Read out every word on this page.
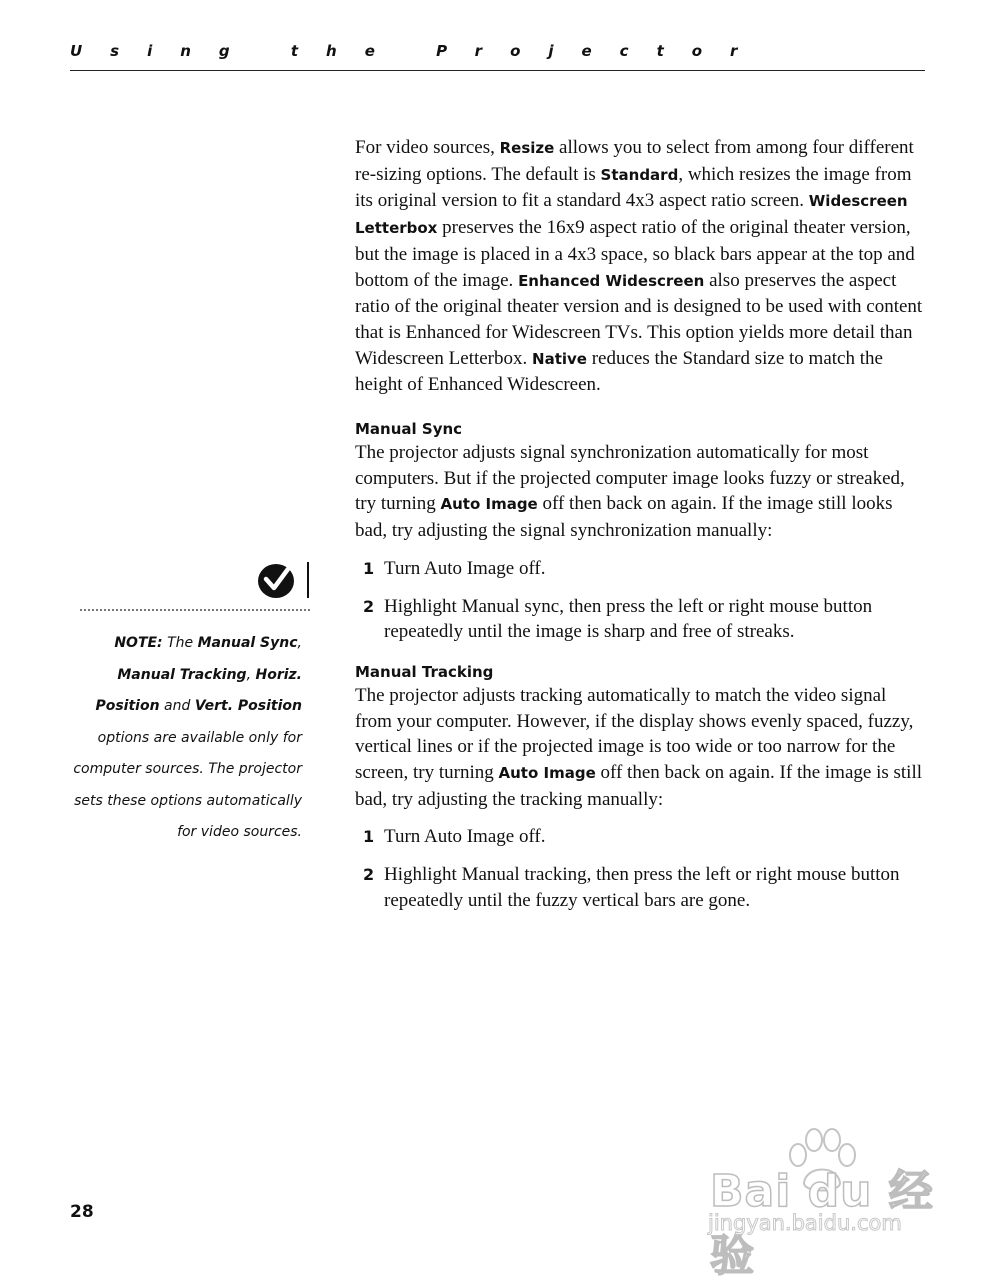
Using the Projector

For video sources, Resize allows you to select from among four different re-sizing options. The default is Standard, which resizes the image from its original version to fit a standard 4x3 aspect ratio screen. Widescreen Letterbox preserves the 16x9 aspect ratio of the original theater version, but the image is placed in a 4x3 space, so black bars appear at the top and bottom of the image. Enhanced Widescreen also preserves the aspect ratio of the original theater version and is designed to be used with content that is Enhanced for Widescreen TVs. This option yields more detail than Widescreen Letterbox. Native reduces the Standard size to match the height of Enhanced Widescreen.

Manual Sync

The projector adjusts signal synchronization automatically for most computers. But if the projected computer image looks fuzzy or streaked, try turning Auto Image off then back on again. If the image still looks bad, try adjusting the signal synchronization manually:

1 Turn Auto Image off.
2 Highlight Manual sync, then press the left or right mouse button repeatedly until the image is sharp and free of streaks.
Manual Tracking

The projector adjusts tracking automatically to match the video signal from your computer. However, if the display shows evenly spaced, fuzzy, vertical lines or if the projected image is too wide or too narrow for the screen, try turning Auto Image off then back on again. If the image is still bad, try adjusting the tracking manually:

1 Turn Auto Image off.
2 Highlight Manual tracking, then press the left or right mouse button repeatedly until the fuzzy vertical bars are gone.
NOTE: The Manual Sync, Manual Tracking, Horiz. Position and Vert. Position options are available only for computer sources. The projector sets these options automatically for video sources.
28	Bai du 经验
jingyan.baidu.com
